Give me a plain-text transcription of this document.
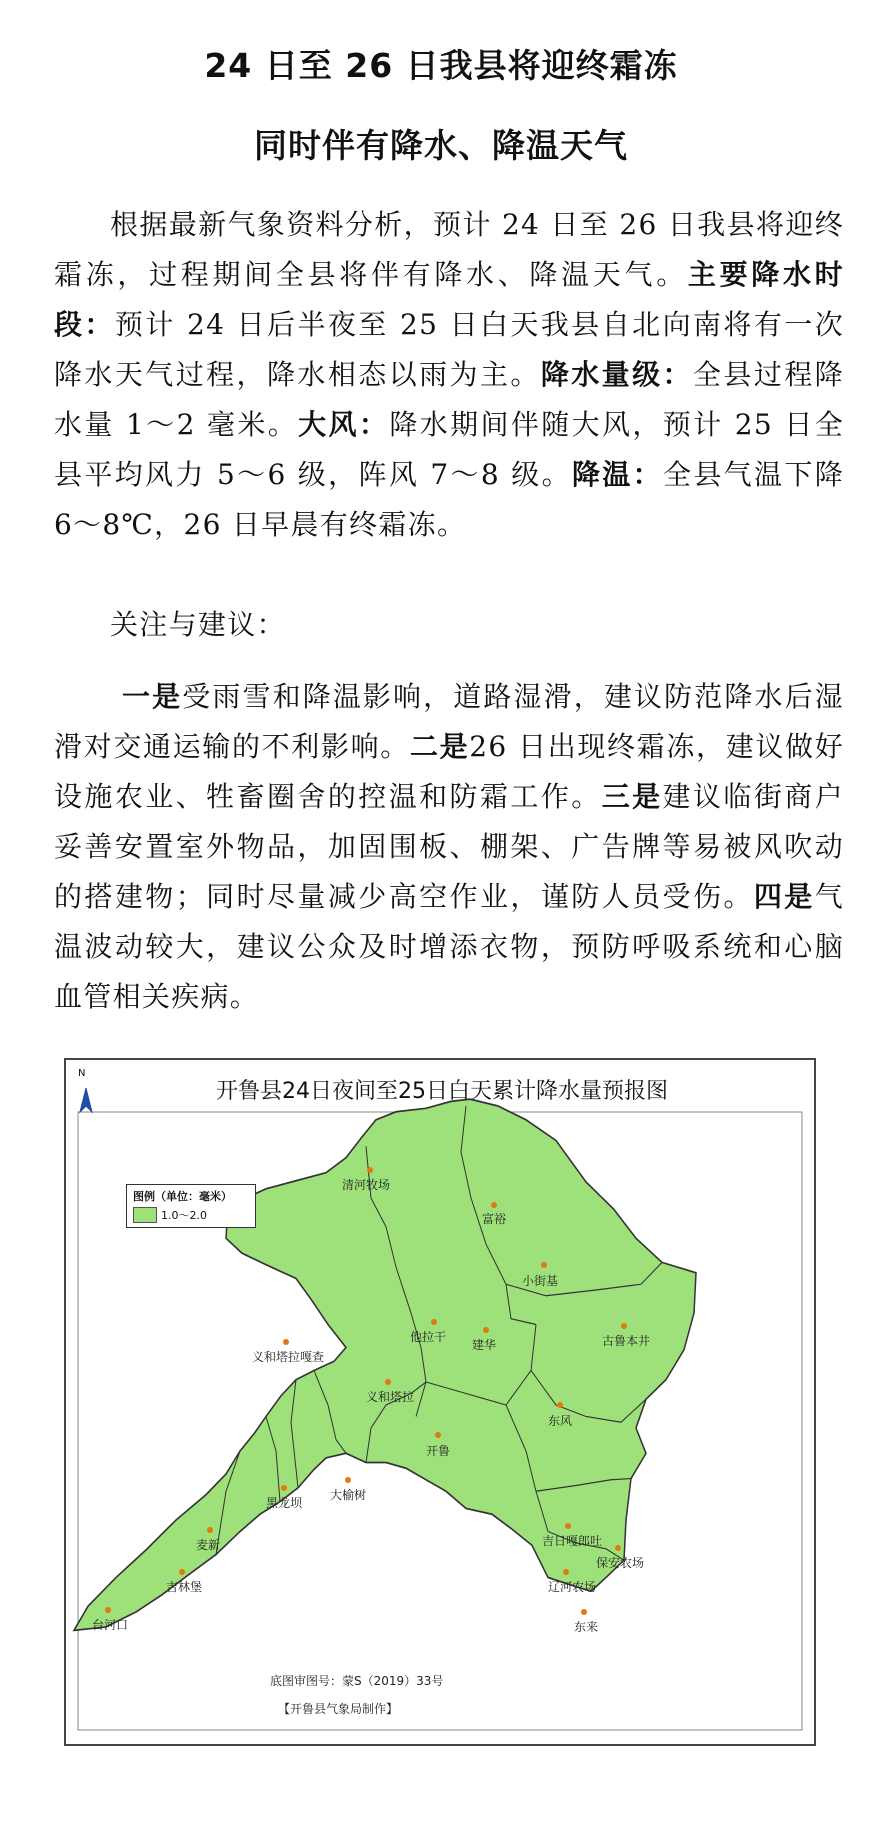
24 日至 26 日我县将迎终霜冻
同时伴有降水、降温天气

根据最新气象资料分析，预计 24 日至 26 日我县将迎终霜冻，过程期间全县将伴有降水、降温天气。主要降水时段：预计 24 日后半夜至 25 日白天我县自北向南将有一次降水天气过程，降水相态以雨为主。降水量级：全县过程降水量 1～2 毫米。大风：降水期间伴随大风，预计 25 日全县平均风力 5～6 级，阵风 7～8 级。降温：全县气温下降 6～8℃，26 日早晨有终霜冻。

关注与建议：

一是受雨雪和降温影响，道路湿滑，建议防范降水后湿滑对交通运输的不利影响。二是26 日出现终霜冻，建议做好设施农业、牲畜圈舍的控温和防霜工作。三是建议临街商户妥善安置室外物品，加固围板、棚架、广告牌等易被风吹动的搭建物；同时尽量减少高空作业，谨防人员受伤。四是气温波动较大，建议公众及时增添衣物，预防呼吸系统和心脑血管相关疾病。

N
开鲁县24日夜间至25日白天累计降水量预报图
图例（单位：毫米）
1.0～2.0
清河牧场
富裕
小街基
他拉干
建华	古鲁本井
义和塔拉嘎查
义和塔拉
东风
开鲁
黑龙坝
大榆树
麦新	吉日嘎郎吐
保安农场
吉林堡	辽河农场
台河口	东来
底图审图号：蒙S（2019）33号
【开鲁县气象局制作】
